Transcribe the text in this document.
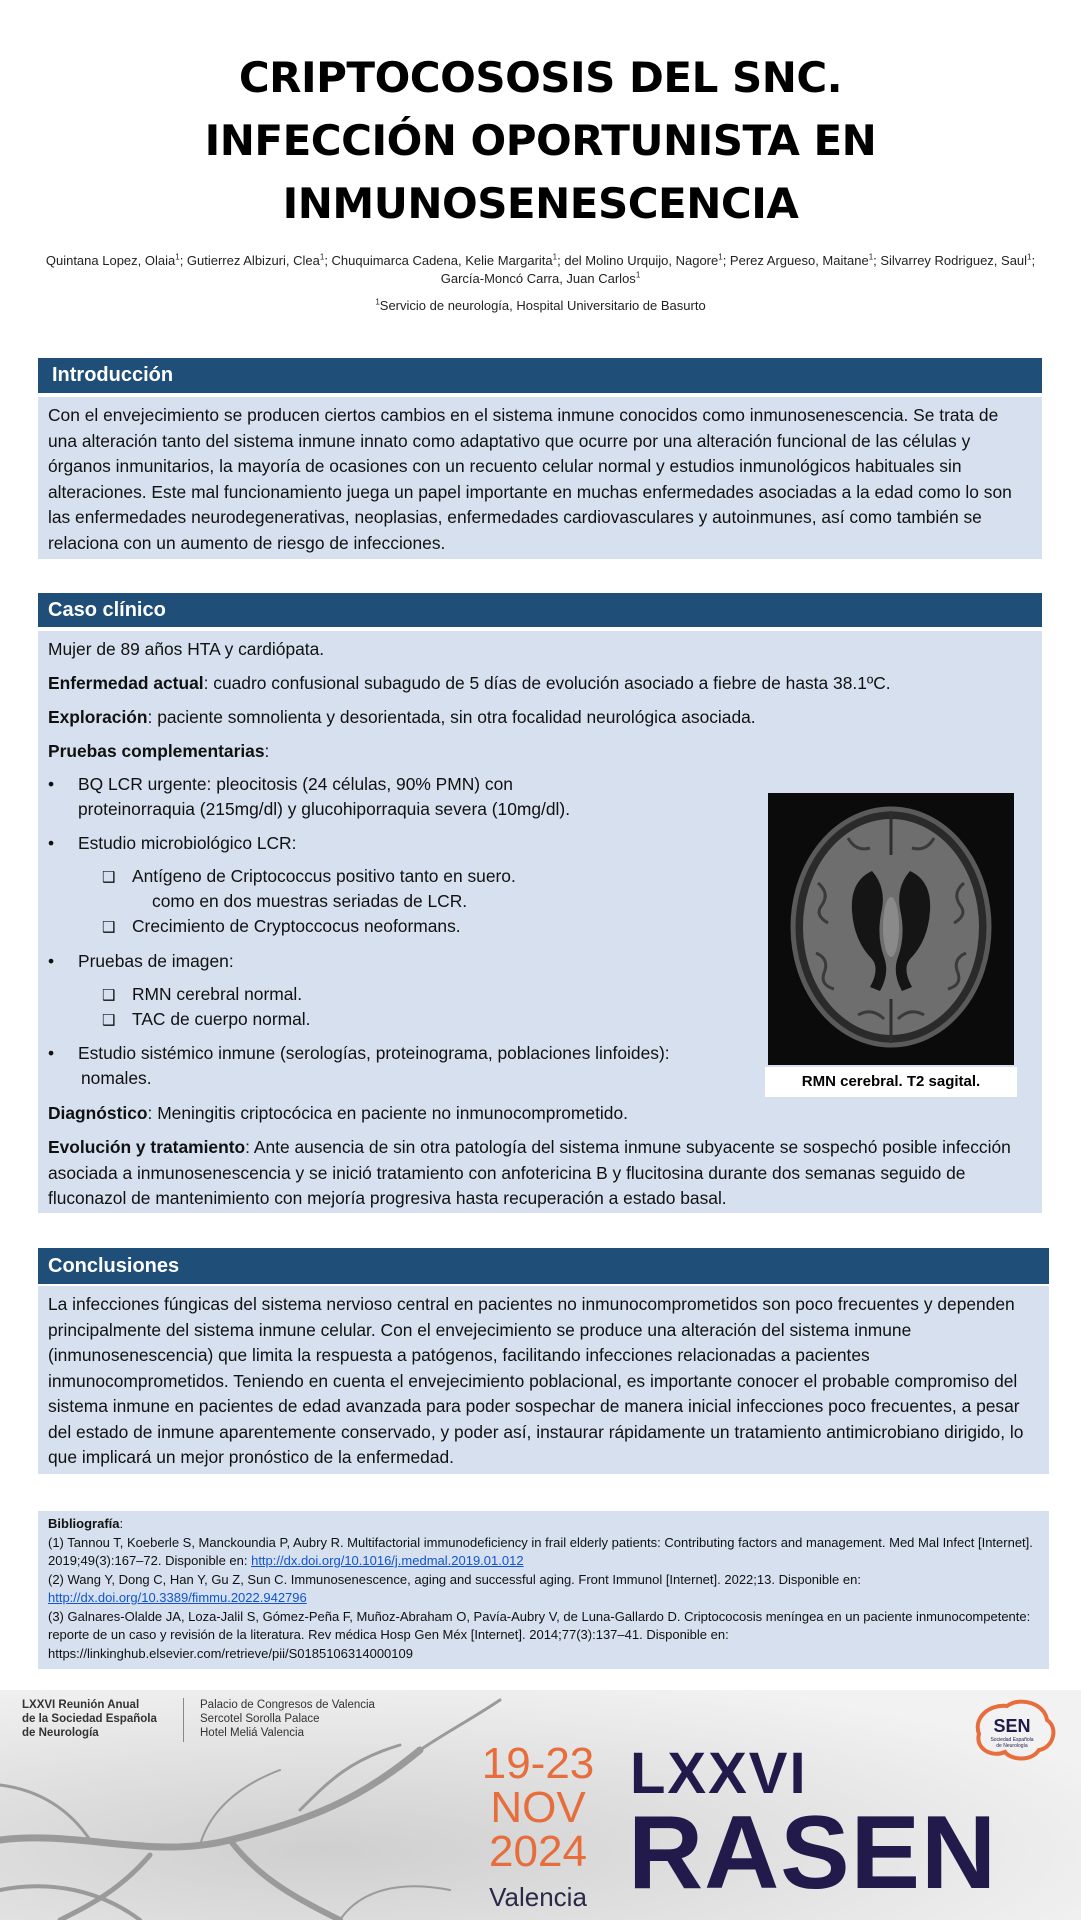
CRIPTOCOSOSIS DEL SNC.
INFECCIÓN OPORTUNISTA EN
INMUNOSENESCENCIA
Quintana Lopez, Olaia$^1$; Gutierrez Albizuri, Clea$^1$; Chuquimarca Cadena, Kelie Margarita$^1$; del Molino Urquijo, Nagore$^1$; Perez Argueso, Maitane$^1$; Silvarrey Rodriguez, Saul$^1$; García-Moncó Carra, Juan Carlos$^1$
$^1$Servicio de neurología, Hospital Universitario de Basurto
Introducción

Con el envejecimiento se producen ciertos cambios en el sistema inmune conocidos como inmunosenescencia. Se trata de una alteración tanto del sistema inmune innato como adaptativo que ocurre por una alteración funcional de las células y órganos inmunitarios, la mayoría de ocasiones con un recuento celular normal y estudios inmunológicos habituales sin alteraciones. Este mal funcionamiento juega un papel importante en muchas enfermedades asociadas a la edad como lo son las enfermedades neurodegenerativas, neoplasias, enfermedades cardiovasculares y autoinmunes, así como también se relaciona con un aumento de riesgo de infecciones.

Caso clínico
Mujer de 89 años HTA y cardiópata.
Enfermedad actual: cuadro confusional subagudo de 5 días de evolución asociado a fiebre de hasta 38.1ºC.
Exploración: paciente somnolienta y desorientada, sin otra focalidad neurológica asociada.
Pruebas complementarias:
• BQ LCR urgente: pleocitosis (24 células, 90% PMN) con
proteinorraquia (215mg/dl) y glucohiporraquia severa (10mg/dl).
• Estudio microbiológico LCR:
❑ Antígeno de Criptococcus positivo tanto en suero.
como en dos muestras seriadas de LCR.
❑ Crecimiento de Cryptoccocus neoformans.
• Pruebas de imagen:
❑ RMN cerebral normal.
❑ TAC de cuerpo normal.
• Estudio sistémico inmune (serologías, proteinograma, poblaciones linfoides):
nomales.
Diagnóstico: Meningitis criptocócica en paciente no inmunocomprometido.
Evolución y tratamiento: Ante ausencia de sin otra patología del sistema inmune subyacente se sospechó posible infección asociada a inmunosenescencia y se inició tratamiento con anfotericina B y flucitosina durante dos semanas seguido de fluconazol de mantenimiento con mejoría progresiva hasta recuperación a estado basal.
RMN cerebral. T2 sagital.
Conclusiones

La infecciones fúngicas del sistema nervioso central en pacientes no inmunocomprometidos son poco frecuentes y dependen principalmente del sistema inmune celular. Con el envejecimiento se produce una alteración del sistema inmune (inmunosenescencia) que limita la respuesta a patógenos, facilitando infecciones relacionadas a pacientes inmunocomprometidos. Teniendo en cuenta el envejecimiento poblacional, es importante conocer el probable compromiso del sistema inmune en pacientes de edad avanzada para poder sospechar de manera inicial infecciones poco frecuentes, a pesar del estado de inmune aparentemente conservado, y poder así, instaurar rápidamente un tratamiento antimicrobiano dirigido, lo que implicará un mejor pronóstico de la enfermedad.

Bibliografía:
(1) Tannou T, Koeberle S, Manckoundia P, Aubry R. Multifactorial immunodeficiency in frail elderly patients: Contributing factors and management. Med Mal Infect [Internet]. 2019;49(3):167–72. Disponible en: http://dx.doi.org/10.1016/j.medmal.2019.01.012
(2) Wang Y, Dong C, Han Y, Gu Z, Sun C. Immunosenescence, aging and successful aging. Front Immunol [Internet]. 2022;13. Disponible en: http://dx.doi.org/10.3389/fimmu.2022.942796
(3) Galnares-Olalde JA, Loza-Jalil S, Gómez-Peña F, Muñoz-Abraham O, Pavía-Aubry V, de Luna-Gallardo D. Criptococosis meníngea en un paciente inmunocompetente: reporte de un caso y revisión de la literatura. Rev médica Hosp Gen Méx [Internet]. 2014;77(3):137–41. Disponible en: https://linkinghub.elsevier.com/retrieve/pii/S0185106314000109
LXXVI Reunión Anual
de la Sociedad Española
de Neurología
Palacio de Congresos de Valencia
Sercotel Sorolla Palace
Hotel Meliá Valencia
19-23
NOV
2024
Valencia
LXXVI
RASEN
SEN
Sociedad Española
de Neurología
